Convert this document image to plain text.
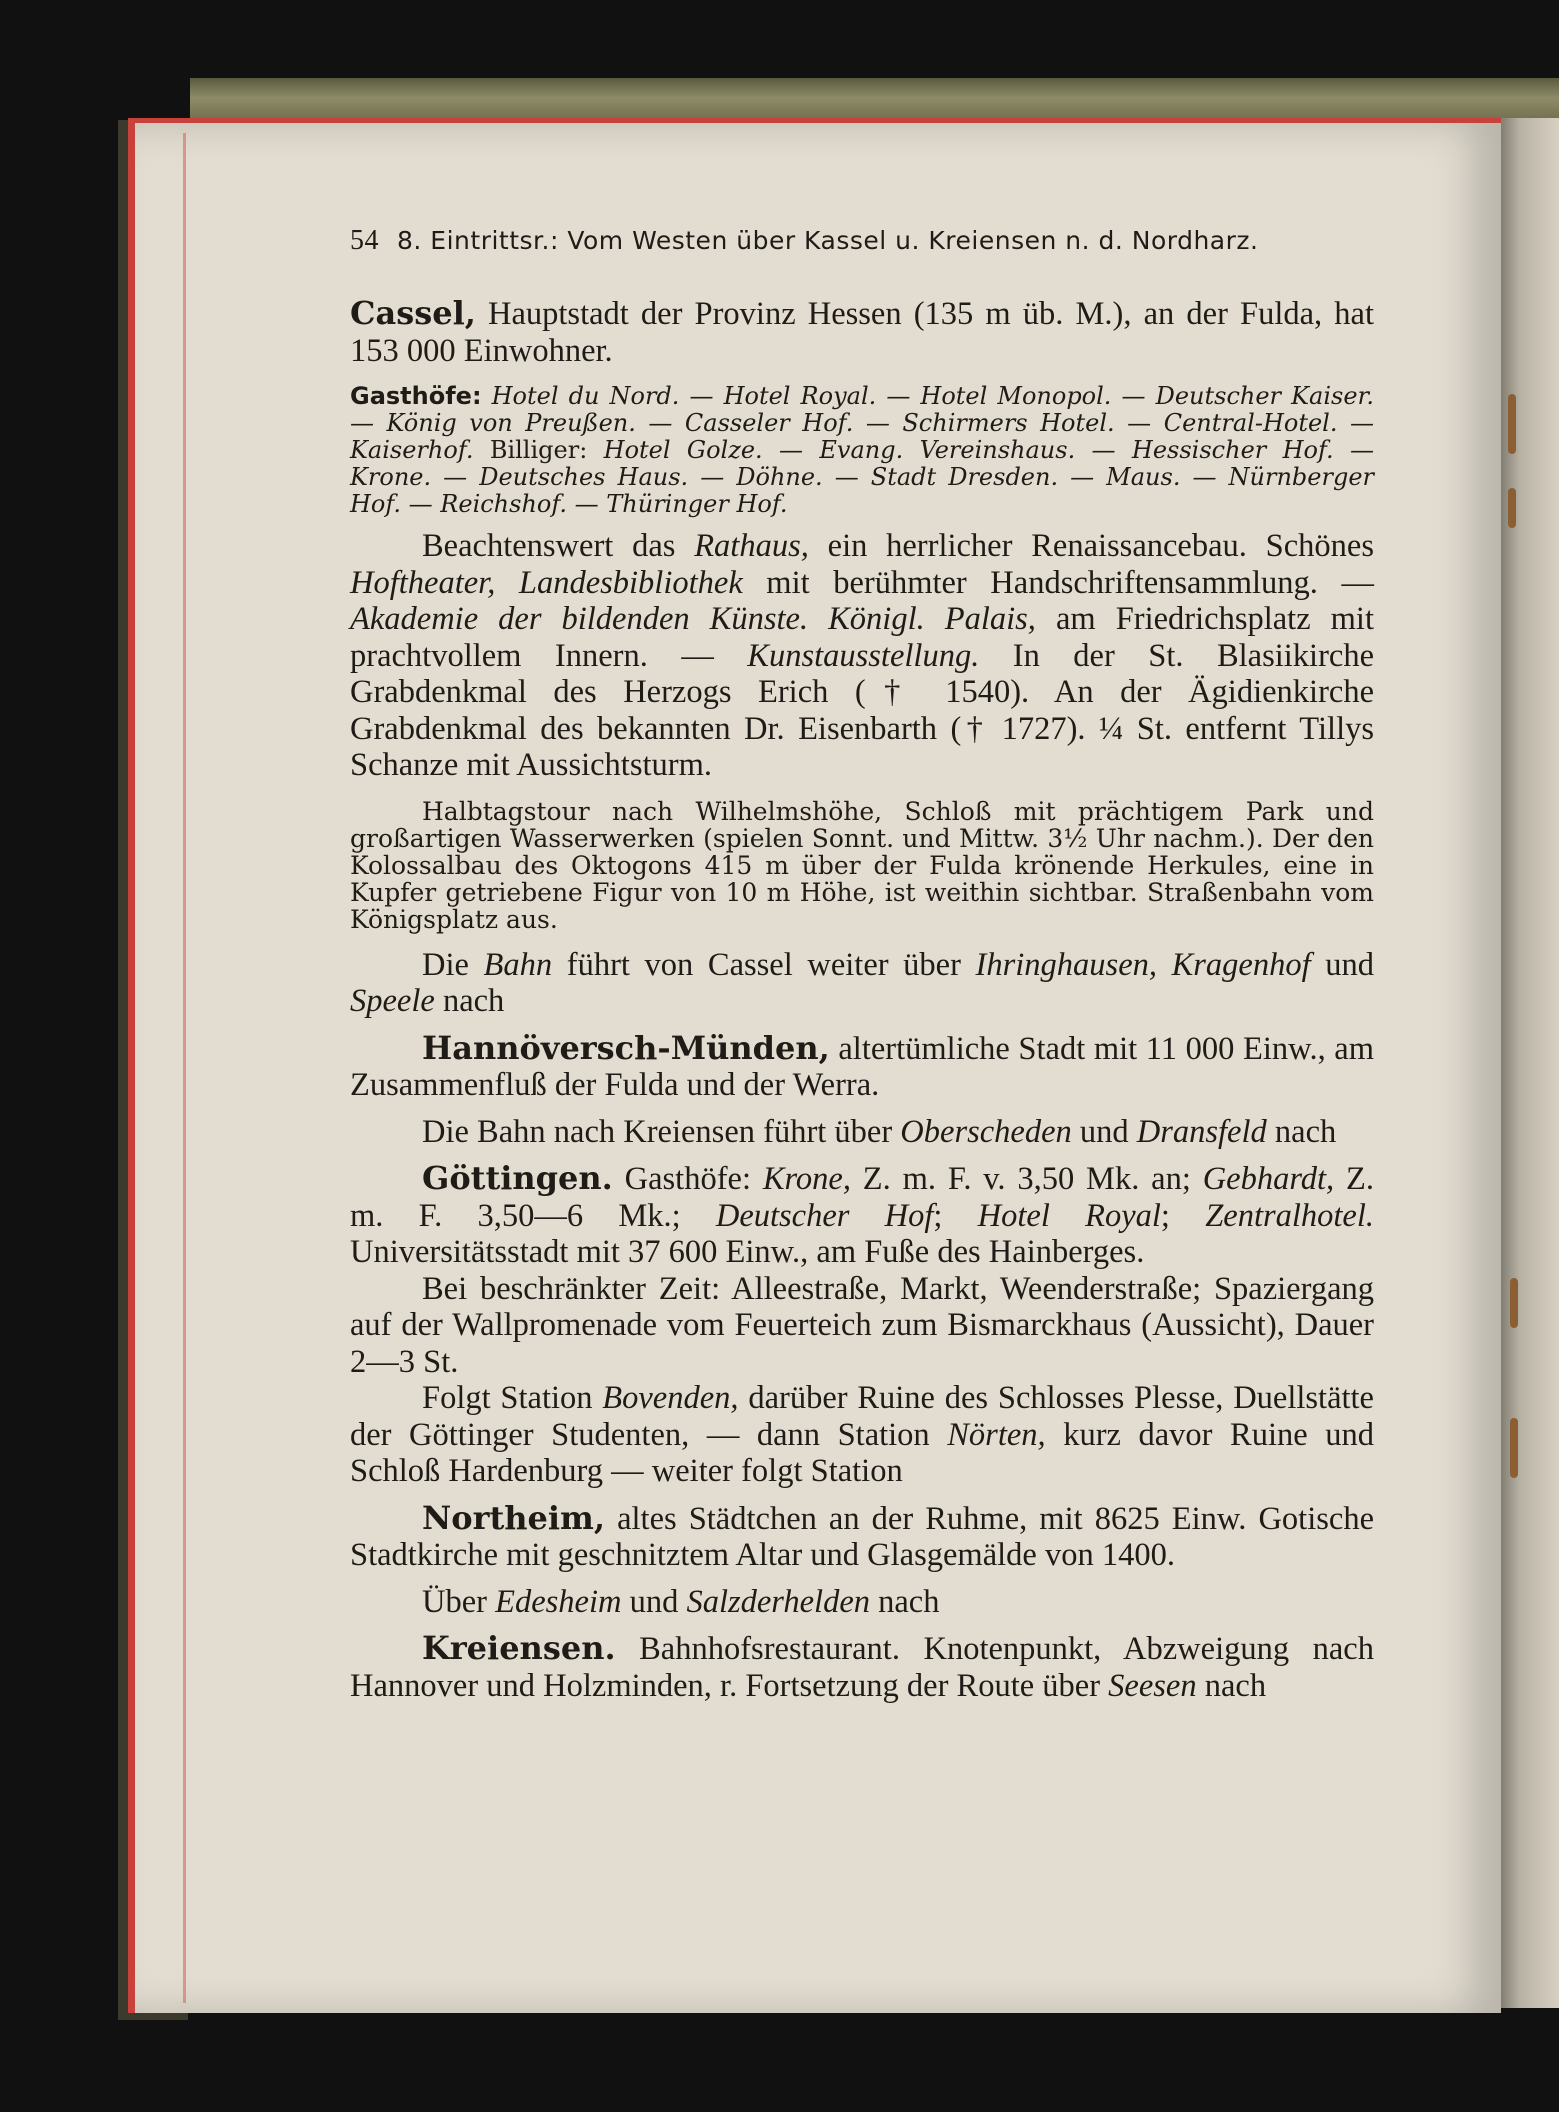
54 8. Eintrittsr.: Vom Westen über Kassel u. Kreiensen n. d. Nordharz.

Cassel, Hauptstadt der Provinz Hessen (135 m üb. M.), an der Fulda, hat 153 000 Einwohner.

Gasthöfe: Hotel du Nord. — Hotel Royal. — Hotel Monopol. — Deutscher Kaiser. — König von Preußen. — Casseler Hof. — Schirmers Hotel. — Central-Hotel. — Kaiserhof. Billiger: Hotel Golze. — Evang. Vereinshaus. — Hessischer Hof. — Krone. — Deutsches Haus. — Döhne. — Stadt Dresden. — Maus. — Nürnberger Hof. — Reichshof. — Thüringer Hof.

Beachtenswert das Rathaus, ein herrlicher Renaissancebau. Schönes Hoftheater, Landesbibliothek mit berühmter Handschriftensammlung. — Akademie der bildenden Künste. Königl. Palais, am Friedrichsplatz mit prachtvollem Innern. — Kunstausstellung. In der St. Blasiikirche Grabdenkmal des Herzogs Erich († 1540). An der Ägidienkirche Grabdenkmal des bekannten Dr. Eisenbarth († 1727). ¼ St. entfernt Tillys Schanze mit Aussichtsturm.

Halbtagstour nach Wilhelmshöhe, Schloß mit prächtigem Park und großartigen Wasserwerken (spielen Sonnt. und Mittw. 3½ Uhr nachm.). Der den Kolossalbau des Oktogons 415 m über der Fulda krönende Herkules, eine in Kupfer getriebene Figur von 10 m Höhe, ist weithin sichtbar. Straßenbahn vom Königsplatz aus.

Die Bahn führt von Cassel weiter über Ihringhausen, Kragenhof und Speele nach

Hannöversch-Münden, altertümliche Stadt mit 11 000 Einw., am Zusammenfluß der Fulda und der Werra.

Die Bahn nach Kreiensen führt über Oberscheden und Dransfeld nach

Göttingen. Gasthöfe: Krone, Z. m. F. v. 3,50 Mk. an; Gebhardt, Z. m. F. 3,50—6 Mk.; Deutscher Hof; Hotel Royal; Zentralhotel. Universitätsstadt mit 37 600 Einw., am Fuße des Hainberges.

Bei beschränkter Zeit: Alleestraße, Markt, Weenderstraße; Spaziergang auf der Wallpromenade vom Feuerteich zum Bismarckhaus (Aussicht), Dauer 2—3 St.

Folgt Station Bovenden, darüber Ruine des Schlosses Plesse, Duellstätte der Göttinger Studenten, — dann Station Nörten, kurz davor Ruine und Schloß Hardenburg — weiter folgt Station

Northeim, altes Städtchen an der Ruhme, mit 8625 Einw. Gotische Stadtkirche mit geschnitztem Altar und Glasgemälde von 1400.

Über Edesheim und Salzderhelden nach

Kreiensen. Bahnhofsrestaurant. Knotenpunkt, Abzweigung nach Hannover und Holzminden, r. Fortsetzung der Route über Seesen nach
